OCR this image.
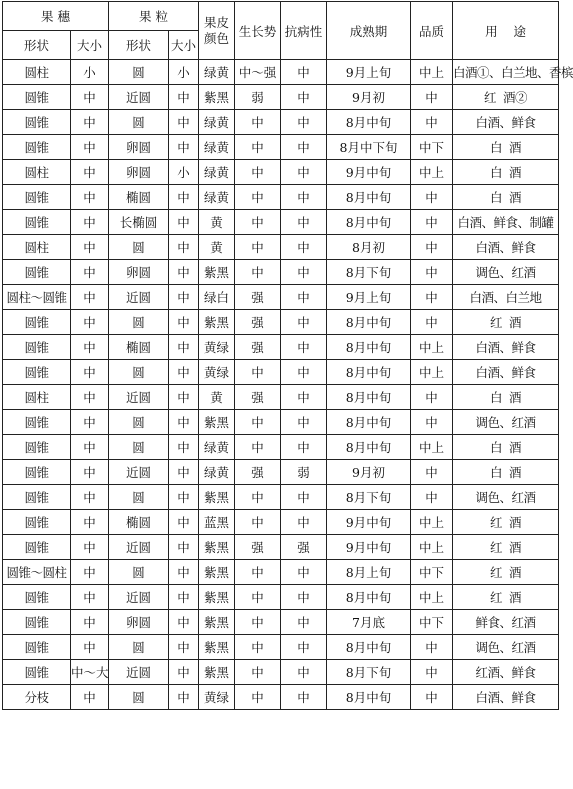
果 穗		果 粒		果皮颜色	生长势	抗病性	成熟期	品质	用    途
形状	大小	形状	大小						
圆柱	小	圆	小	绿黄	中～强	中	9月上旬	中上	白酒①、白兰地、香槟
圆锥	中	近圆	中	紫黑	弱	中	9月初	中	红  酒②
圆锥	中	圆	中	绿黄	中	中	8月中旬	中	白酒、鲜食
圆锥	中	卵圆	中	绿黄	中	中	8月中下旬	中下	白  酒
圆柱	中	卵圆	小	绿黄	中	中	9月中旬	中上	白  酒
圆锥	中	椭圆	中	绿黄	中	中	8月中旬	中	白  酒
圆锥	中	长椭圆	中	黄	中	中	8月中旬	中	白酒、鲜食、制罐
圆柱	中	圆	中	黄	中	中	8月初	中	白酒、鲜食
圆锥	中	卵圆	中	紫黑	中	中	8月下旬	中	调色、红酒
圆柱～圆锥	中	近圆	中	绿白	强	中	9月上旬	中	白酒、白兰地
圆锥	中	圆	中	紫黑	强	中	8月中旬	中	红  酒
圆锥	中	椭圆	中	黄绿	强	中	8月中旬	中上	白酒、鲜食
圆锥	中	圆	中	黄绿	中	中	8月中旬	中上	白酒、鲜食
圆柱	中	近圆	中	黄	强	中	8月中旬	中	白  酒
圆锥	中	圆	中	紫黑	中	中	8月中旬	中	调色、红酒
圆锥	中	圆	中	绿黄	中	中	8月中旬	中上	白  酒
圆锥	中	近圆	中	绿黄	强	弱	9月初	中	白  酒
圆锥	中	圆	中	紫黑	中	中	8月下旬	中	调色、红酒
圆锥	中	椭圆	中	蓝黑	中	中	9月中旬	中上	红  酒
圆锥	中	近圆	中	紫黑	强	强	9月中旬	中上	红  酒
圆锥～圆柱	中	圆	中	紫黑	中	中	8月上旬	中下	红  酒
圆锥	中	近圆	中	紫黑	中	中	8月中旬	中上	红  酒
圆锥	中	卵圆	中	紫黑	中	中	7月底	中下	鲜食、红酒
圆锥	中	圆	中	紫黑	中	中	8月中旬	中	调色、红酒
圆锥	中～大	近圆	中	紫黑	中	中	8月下旬	中	红酒、鲜食
分枝	中	圆	中	黄绿	中	中	8月中旬	中	白酒、鲜食
